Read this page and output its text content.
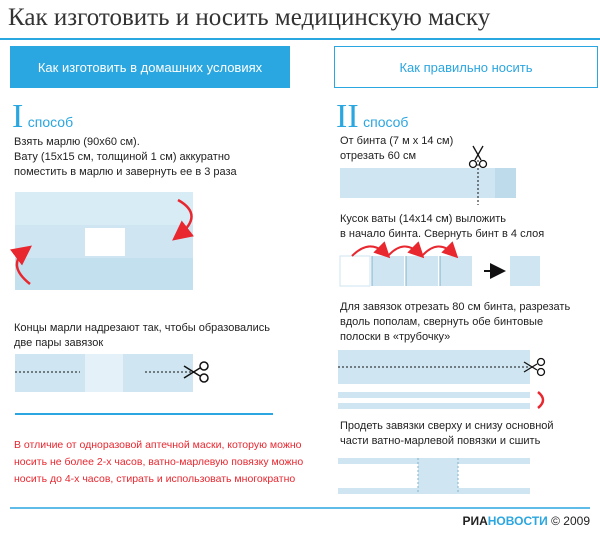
Как изготовить и носить медицинскую маску
Как изготовить в домашних условиях	Как правильно носить
I способ
Взять марлю (90х60 см).
Вату (15х15 см, толщиной 1 см) аккуратно
поместить в марлю и завернуть ее в 3 раза
Концы марли надрезают так, чтобы образовались
две пары завязок
В отличие от одноразовой аптечной маски, которую можно
носить не более 2-х часов, ватно-марлевую повязку можно
носить до 4-х часов, стирать и использовать многократно
II способ
От бинта (7 м х 14 см)
отрезать 60 см
Кусок ваты (14х14 см) выложить
в начало бинта. Свернуть бинт в 4 слоя
Для завязок отрезать 80 см бинта, разрезать
вдоль пополам, свернуть обе бинтовые
полоски в «трубочку»
Продеть завязки сверху и снизу основной
части ватно-марлевой повязки и сшить
РИАНОВОСТИ © 2009
